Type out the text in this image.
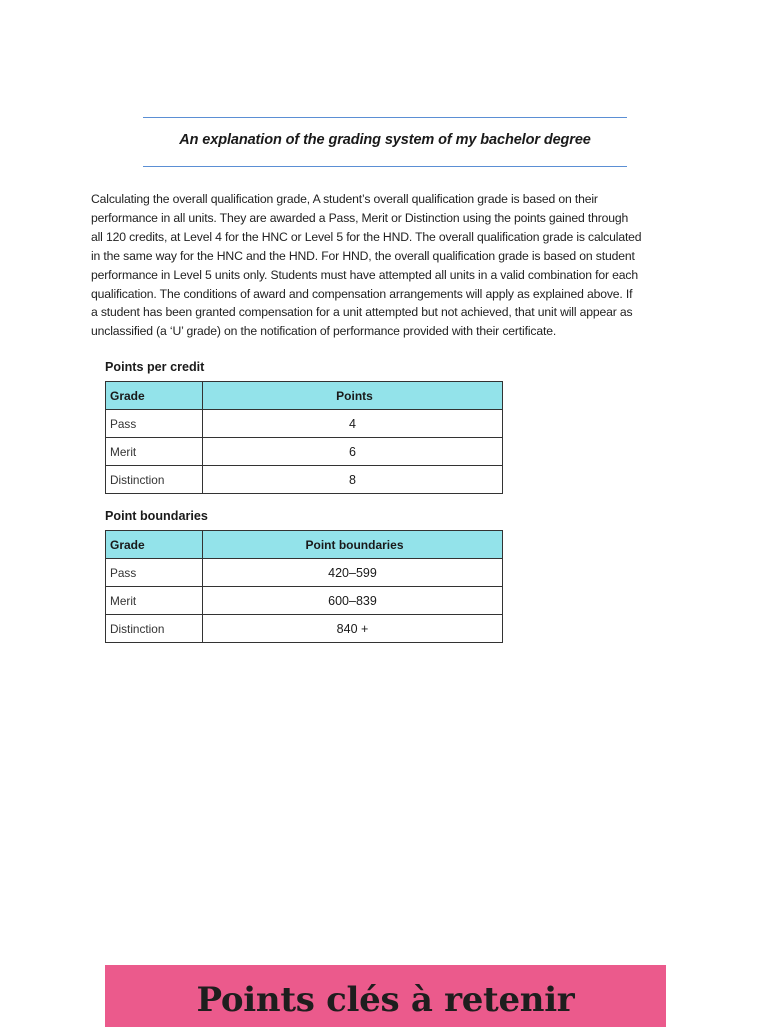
An explanation of the grading system of my bachelor degree
Calculating the overall qualification grade, A student’s overall qualification grade is based on their
performance in all units. They are awarded a Pass, Merit or Distinction using the points gained through
all 120 credits, at Level 4 for the HNC or Level 5 for the HND. The overall qualification grade is calculated
in the same way for the HNC and the HND. For HND, the overall qualification grade is based on student
performance in Level 5 units only. Students must have attempted all units in a valid combination for each
qualification. The conditions of award and compensation arrangements will apply as explained above. If
a student has been granted compensation for a unit attempted but not achieved, that unit will appear as
unclassified (a ‘U’ grade) on the notification of performance provided with their certificate.
Points per credit
Grade	Points
Pass	4
Merit	6
Distinction	8
Point boundaries
Grade	Point boundaries
Pass	420–599
Merit	600–839
Distinction	840 +
Points clés à retenir
